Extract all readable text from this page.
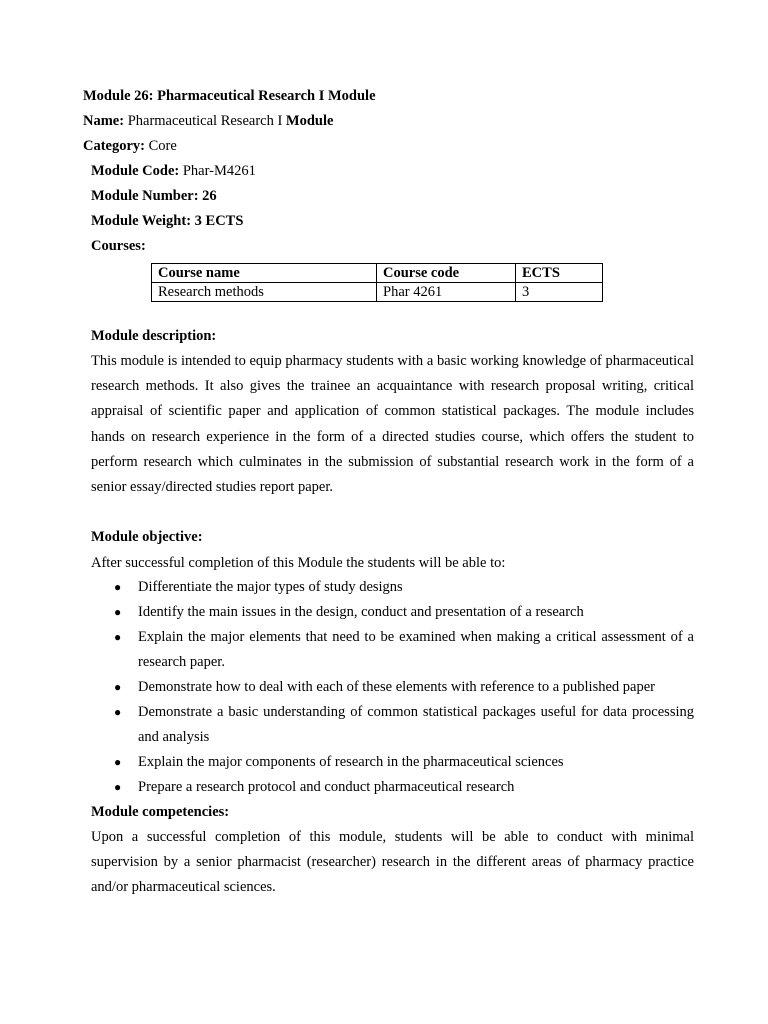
Module 26: Pharmaceutical Research I Module
Name: Pharmaceutical Research I Module
Category: Core
Module Code: Phar-M4261
Module Number: 26
Module Weight: 3 ECTS
Courses:
Course name	Course code	ECTS
Research methods	Phar 4261	3
Module description:

This module is intended to equip pharmacy students with a basic working knowledge of pharmaceutical research methods. It also gives the trainee an acquaintance with research proposal writing, critical appraisal of scientific paper and application of common statistical packages. The module includes hands on research experience in the form of a directed studies course, which offers the student to perform research which culminates in the submission of substantial research work in the form of a senior essay/directed studies report paper.

Module objective:
After successful completion of this Module the students will be able to:
● Differentiate the major types of study designs
● Identify the main issues in the design, conduct and presentation of a research
● Explain the major elements that need to be examined when making a critical assessment of a research paper.
● Demonstrate how to deal with each of these elements with reference to a published paper
● Demonstrate a basic understanding of common statistical packages useful for data processing and analysis
● Explain the major components of research in the pharmaceutical sciences
● Prepare a research protocol and conduct pharmaceutical research
Module competencies:

Upon a successful completion of this module, students will be able to conduct with minimal supervision by a senior pharmacist (researcher) research in the different areas of pharmacy practice and/or pharmaceutical sciences.
